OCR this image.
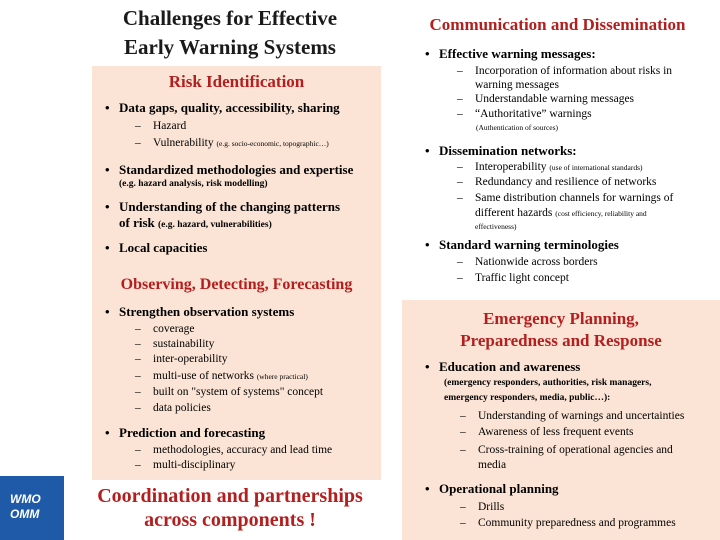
Challenges for Effective
Early Warning Systems
Risk Identification
• Data gaps, quality, accessibility, sharing
–	Hazard
–	Vulnerability (e.g. socio-economic, topographic…)
• Standardized methodologies and expertise
(e.g. hazard analysis, risk modelling)
• Understanding of the changing patterns
of risk (e.g. hazard, vulnerabilities)
• Local capacities
Observing, Detecting, Forecasting
• Strengthen observation systems
–	coverage
–	sustainability
–	inter-operability
–	multi-use of networks (where practical)
–	built on "system of systems" concept
–	data policies
• Prediction and forecasting
–	methodologies, accuracy and lead time
–	multi-disciplinary
Coordination and partnerships
across components !
WMO
OMM
Communication and Dissemination
• Effective warning messages:
– Incorporation of information about risks in
warning messages
–	Understandable warning messages
–	“Authoritative” warnings
(Authentication of sources)
• Dissemination networks:
–	Interoperability (use of international standards)
–	Redundancy and resilience of networks
– Same distribution channels for warnings of
different hazards (cost efficiency, reliability and
effectiveness)
• Standard warning terminologies
–	Nationwide across borders
–	Traffic light concept
Emergency Planning,
Preparedness and Response
• Education and awareness
(emergency responders, authorities, risk managers,
emergency responders, media, public…):
–	Understanding of warnings and uncertainties
–	Awareness of less frequent events
– Cross-training of operational agencies and
media
• Operational planning
–	Drills
–	Community preparedness and programmes
